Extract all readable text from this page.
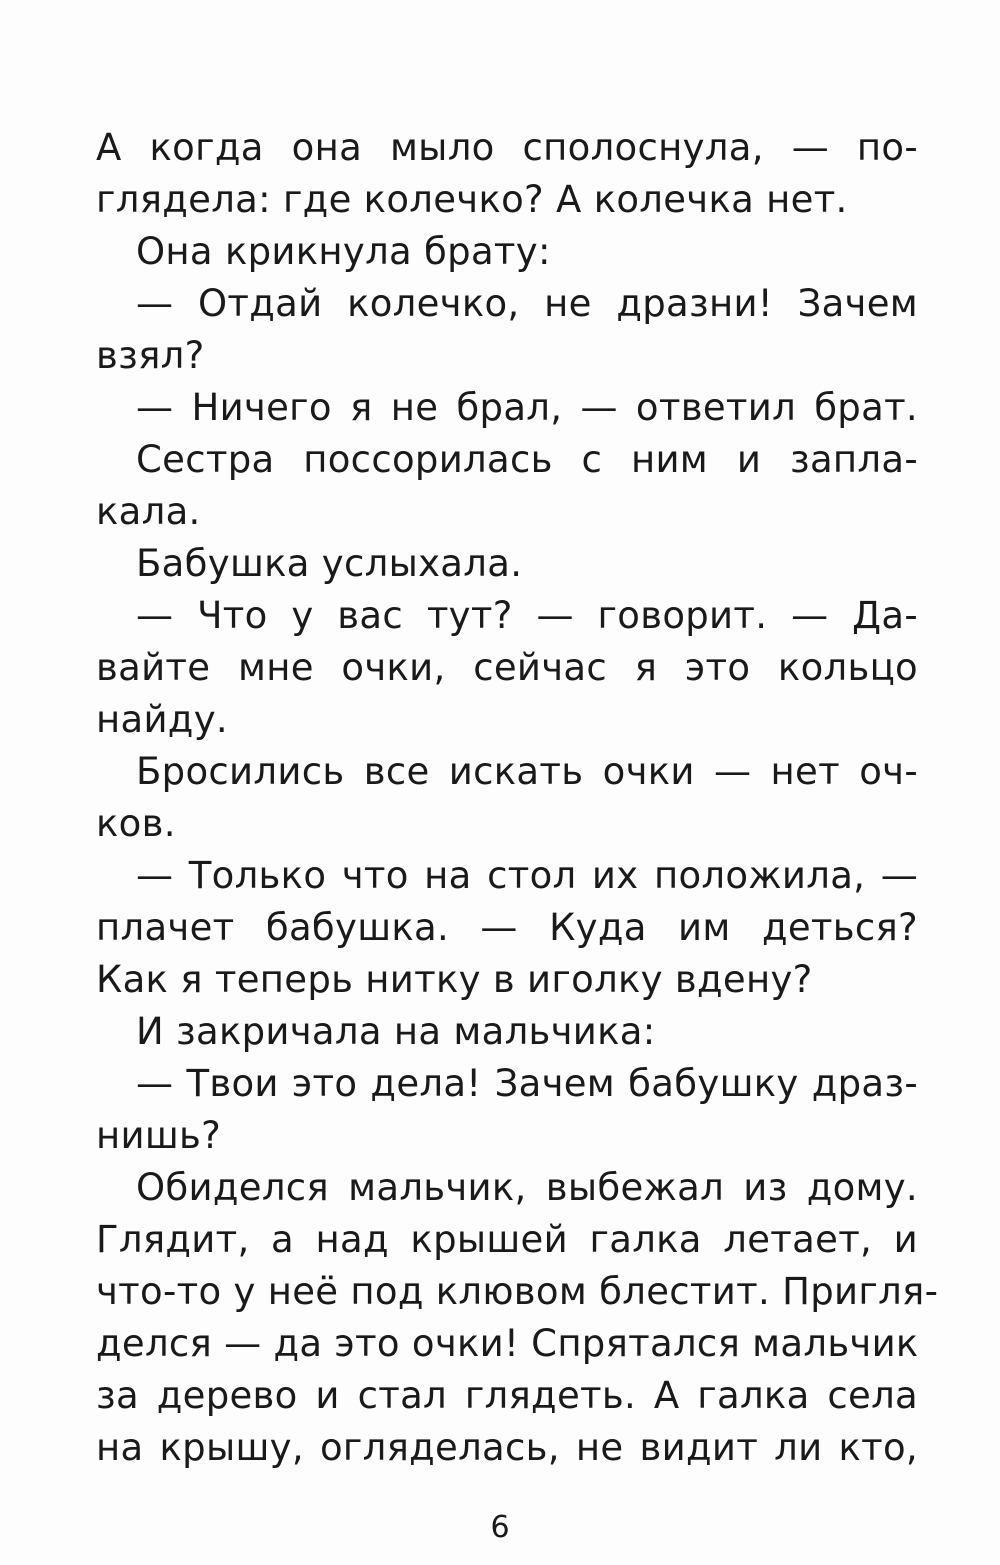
А когда она мыло сполоснула, — по-
глядела: где колечко? А колечка нет.
Она крикнула брату:
— Отдай колечко, не дразни! Зачем
взял?
— Ничего я не брал, — ответил брат.
Сестра поссорилась с ним и запла-
кала.
Бабушка услыхала.
— Что у вас тут? — говорит. — Да-
вайте мне очки, сейчас я это кольцо
найду.
Бросились все искать очки — нет оч-
ков.
— Только что на стол их положила, —
плачет бабушка. — Куда им деться?
Как я теперь нитку в иголку вдену?
И закричала на мальчика:
— Твои это дела! Зачем бабушку драз-
нишь?
Обиделся мальчик, выбежал из дому.
Глядит, а над крышей галка летает, и
что-то у неё под клювом блестит. Пригля-
делся — да это очки! Спрятался мальчик
за дерево и стал глядеть. А галка села
на крышу, огляделась, не видит ли кто,
6
